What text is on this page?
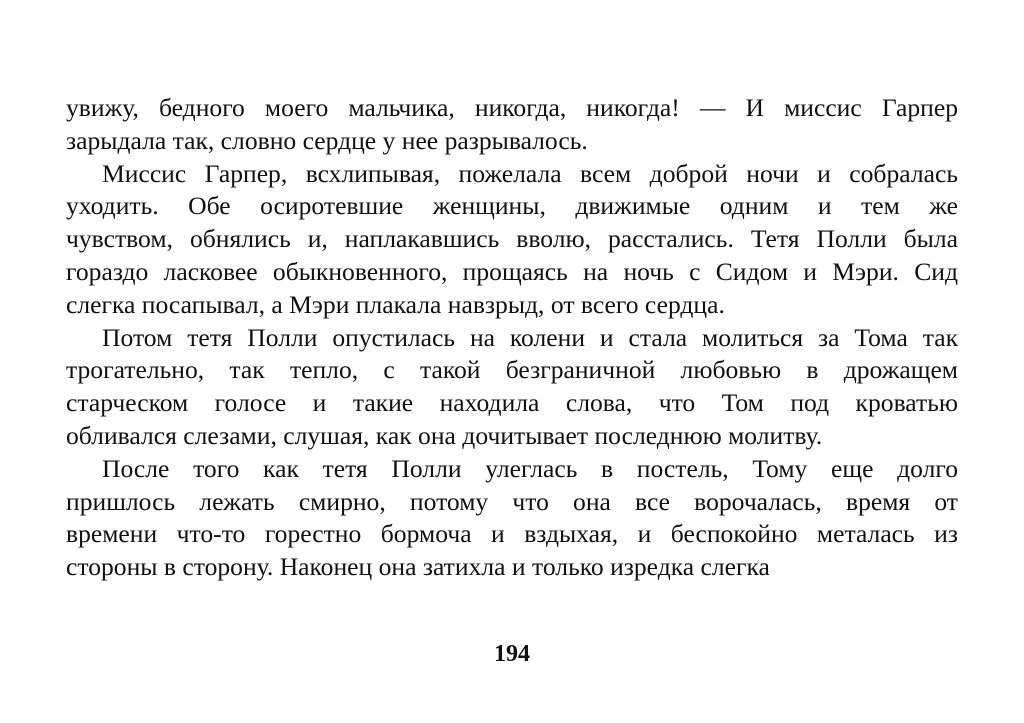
увижу, бедного моего мальчика, никогда, никогда! — И миссис Гарпер
зарыдала так, словно сердце у нее разрывалось.
Миссис Гарпер, всхлипывая, пожелала всем доброй ночи и собралась
уходить. Обе осиротевшие женщины, движимые одним и тем же
чувством, обнялись и, наплакавшись вволю, расстались. Тетя Полли была
гораздо ласковее обыкновенного, прощаясь на ночь с Сидом и Мэри. Сид
слегка посапывал, а Мэри плакала навзрыд, от всего сердца.
Потом тетя Полли опустилась на колени и стала молиться за Тома так
трогательно, так тепло, с такой безграничной любовью в дрожащем
старческом голосе и такие находила слова, что Том под кроватью
обливался слезами, слушая, как она дочитывает последнюю молитву.
После того как тетя Полли улеглась в постель, Тому еще долго
пришлось лежать смирно, потому что она все ворочалась, время от
времени что-то горестно бормоча и вздыхая, и беспокойно металась из
стороны в сторону. Наконец она затихла и только изредка слегка
194
